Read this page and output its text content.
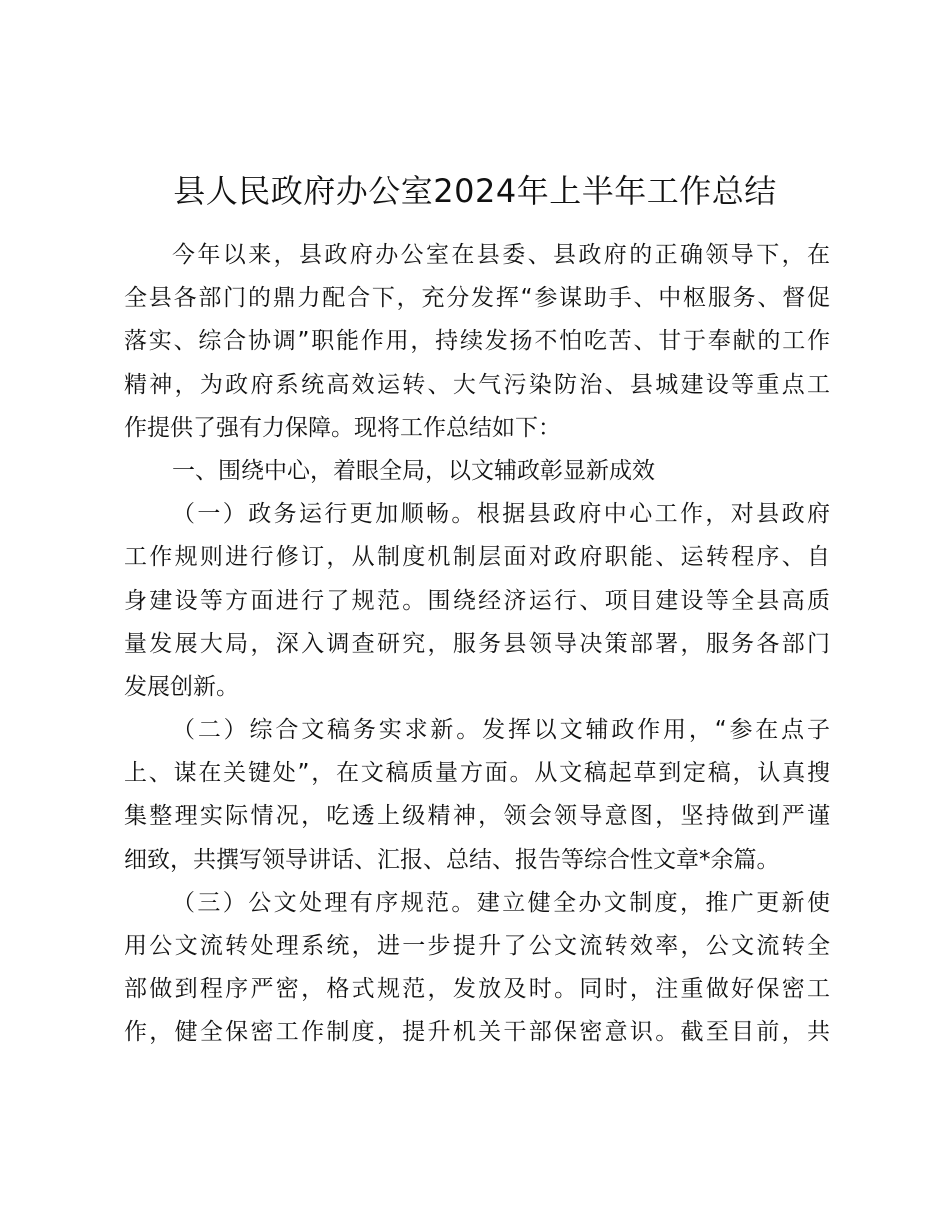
县人民政府办公室2024年上半年工作总结
今年以来，县政府办公室在县委、县政府的正确领导下，在
全县各部门的鼎力配合下，充分发挥“参谋助手、中枢服务、督促
落实、综合协调”职能作用，持续发扬不怕吃苦、甘于奉献的工作
精神，为政府系统高效运转、大气污染防治、县城建设等重点工
作提供了强有力保障。现将工作总结如下：
一、围绕中心，着眼全局，以文辅政彰显新成效
（一）政务运行更加顺畅。根据县政府中心工作，对县政府
工作规则进行修订，从制度机制层面对政府职能、运转程序、自
身建设等方面进行了规范。围绕经济运行、项目建设等全县高质
量发展大局，深入调查研究，服务县领导决策部署，服务各部门
发展创新。
（二）综合文稿务实求新。发挥以文辅政作用，“参在点子
上、谋在关键处”，在文稿质量方面。从文稿起草到定稿，认真搜
集整理实际情况，吃透上级精神，领会领导意图，坚持做到严谨
细致，共撰写领导讲话、汇报、总结、报告等综合性文章*余篇。
（三）公文处理有序规范。建立健全办文制度，推广更新使
用公文流转处理系统，进一步提升了公文流转效率，公文流转全
部做到程序严密，格式规范，发放及时。同时，注重做好保密工
作，健全保密工作制度，提升机关干部保密意识。截至目前，共
